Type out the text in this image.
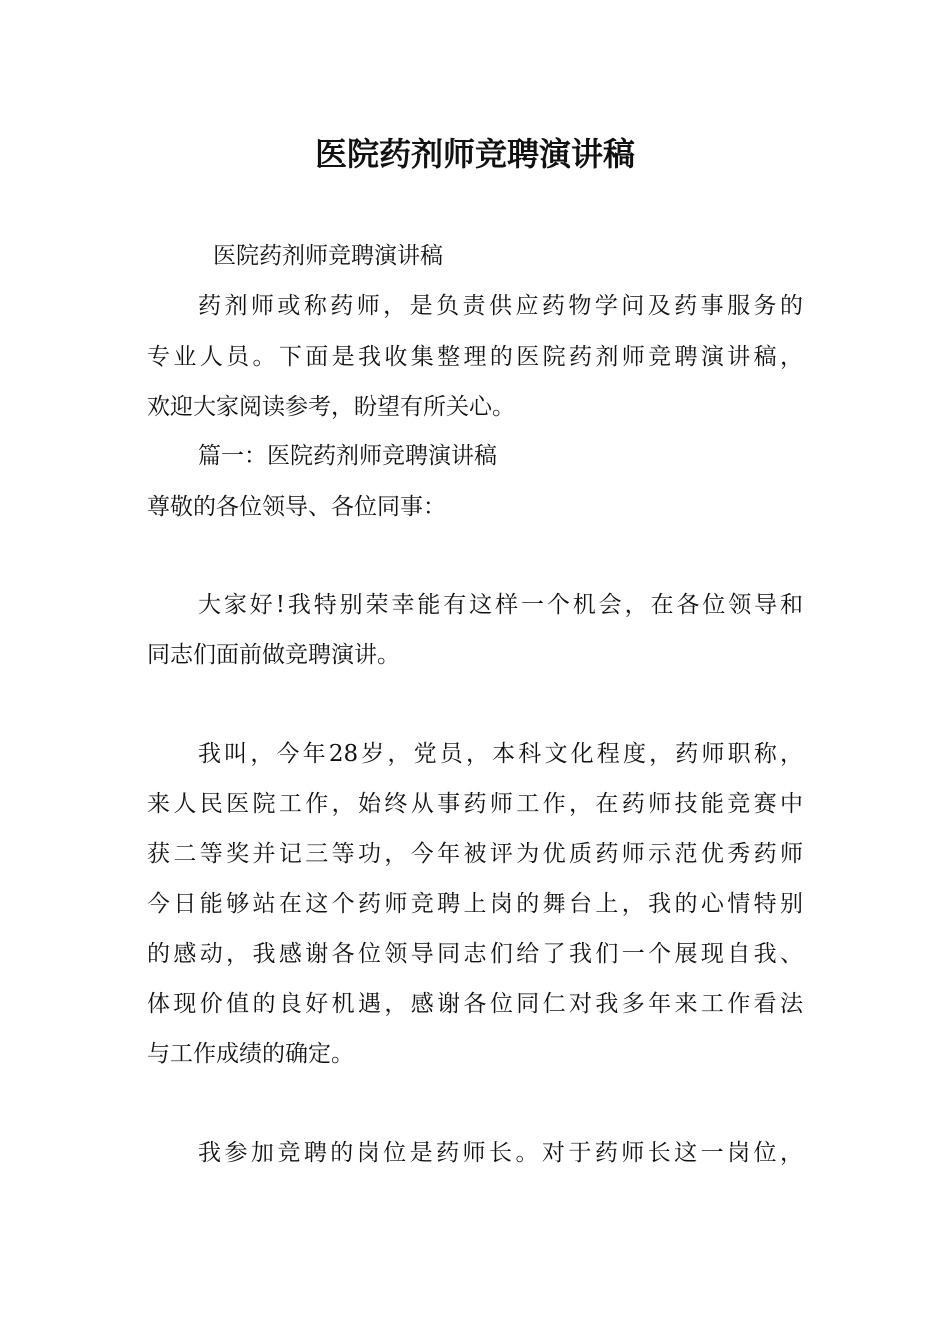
医院药剂师竞聘演讲稿
医院药剂师竞聘演讲稿
药剂师或称药师，是负责供应药物学问及药事服务的
专业人员。下面是我收集整理的医院药剂师竞聘演讲稿，
欢迎大家阅读参考，盼望有所关心。
篇一：医院药剂师竞聘演讲稿
尊敬的各位领导、各位同事：
大家好!我特别荣幸能有这样一个机会，在各位领导和
同志们面前做竞聘演讲。
我叫，今年28岁，党员，本科文化程度，药师职称，
来人民医院工作，始终从事药师工作，在药师技能竞赛中
获二等奖并记三等功，今年被评为优质药师示范优秀药师
今日能够站在这个药师竞聘上岗的舞台上，我的心情特别
的感动，我感谢各位领导同志们给了我们一个展现自我、
体现价值的良好机遇，感谢各位同仁对我多年来工作看法
与工作成绩的确定。
我参加竞聘的岗位是药师长。对于药师长这一岗位，
